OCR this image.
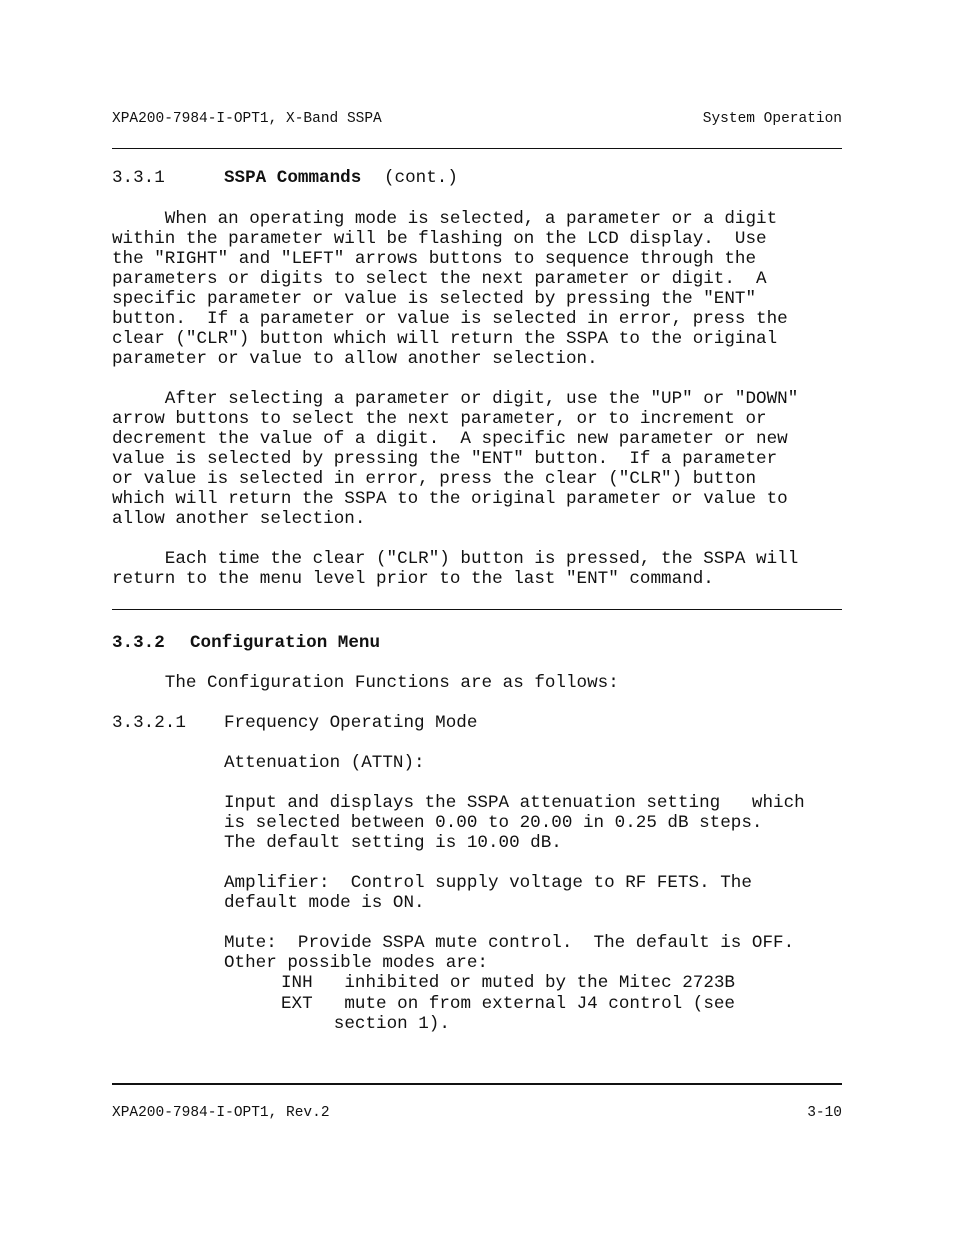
XPA200-7984-I-OPT1, X-Band SSPA	System Operation
3.3.1	SSPA Commands (cont.)
When an operating mode is selected, a parameter or a digit
within the parameter will be flashing on the LCD display.  Use
the "RIGHT" and "LEFT" arrows buttons to sequence through the
parameters or digits to select the next parameter or digit.  A
specific parameter or value is selected by pressing the "ENT"
button.  If a parameter or value is selected in error, press the
clear ("CLR") button which will return the SSPA to the original
parameter or value to allow another selection.
After selecting a parameter or digit, use the "UP" or "DOWN"
arrow buttons to select the next parameter, or to increment or
decrement the value of a digit.  A specific new parameter or new
value is selected by pressing the "ENT" button.  If a parameter
or value is selected in error, press the clear ("CLR") button
which will return the SSPA to the original parameter or value to
allow another selection.
Each time the clear ("CLR") button is pressed, the SSPA will
return to the menu level prior to the last "ENT" command.
3.3.2 Configuration Menu
The Configuration Functions are as follows:
3.3.2.1 Frequency Operating Mode
Attenuation (ATTN):
Input and displays the SSPA attenuation setting   which
is selected between 0.00 to 20.00 in 0.25 dB steps.
The default setting is 10.00 dB.
Amplifier:  Control supply voltage to RF FETS. The
default mode is ON.
Mute:  Provide SSPA mute control.  The default is OFF.
Other possible modes are:
INH   inhibited or muted by the Mitec 2723B
EXT   mute on from external J4 control (see
section 1).
XPA200-7984-I-OPT1, Rev.2	3-10
